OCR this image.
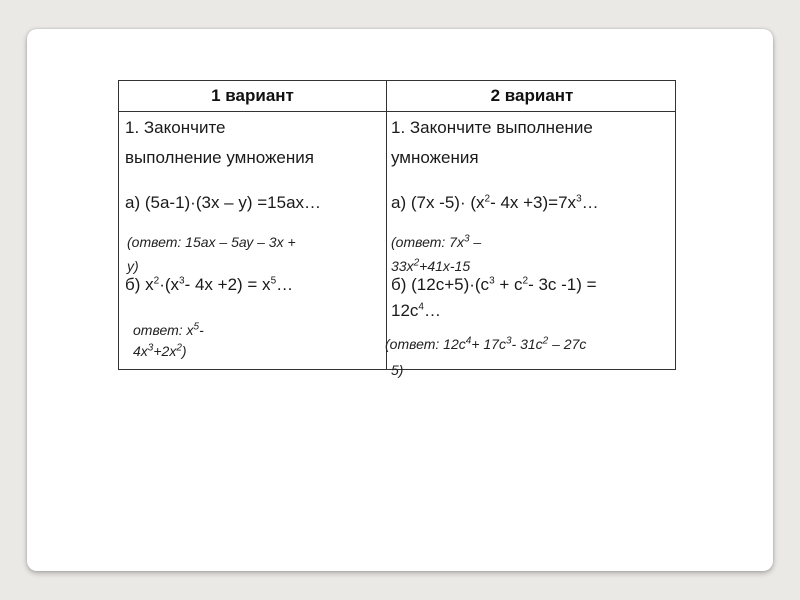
1 вариант	2 вариант
1. Закончите
выполнение умножения
а) (5а-1)·(3х – у) =15ах…
(ответ: 15ах – 5ау – 3х +
у)
б) $х^2\cdot(х^3-$ $4х +2) = х^5\dots$
ответ: $х^5-$
$4х^3+2х^2$)
1. Закончите выполнение
умножения
а) (7х $-5)\cdot (х^2-$ $4х +3)=7х^3\dots$
(ответ: $7х^3$ –
$33х^2+41х-15$
б) $(12с+5)\cdot(с^3 + с^2-$ 3с -1) =
$12с^4\dots$
(ответ: $12с^4+ 17с^3-$ $31с^2 - 27с$
5)
